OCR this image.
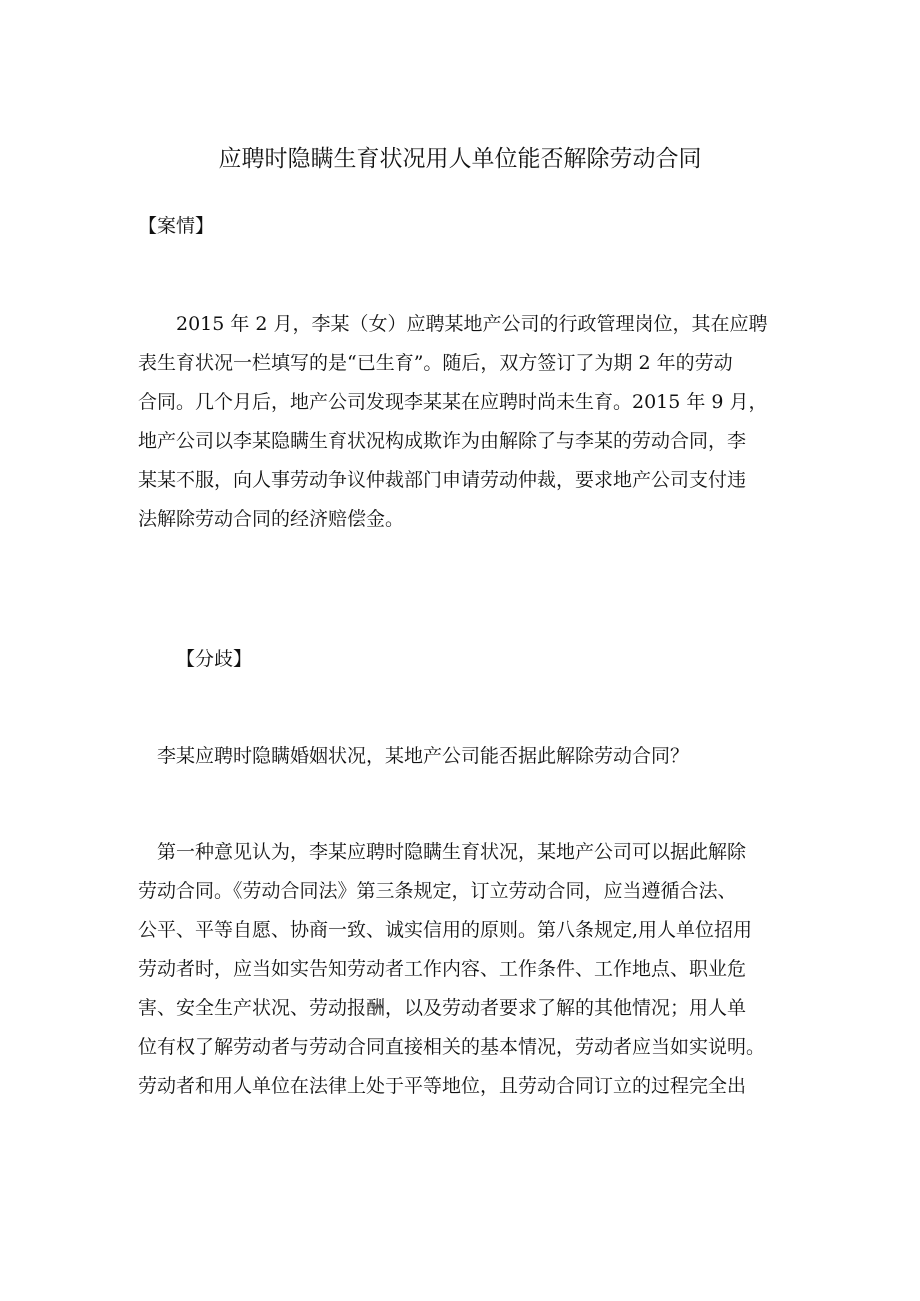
应聘时隐瞒生育状况用人单位能否解除劳动合同

【案情】

　　2015 年 2 月，李某（女）应聘某地产公司的行政管理岗位，其在应聘
表生育状况一栏填写的是“已生育”。随后，双方签订了为期 2 年的劳动
合同。几个月后，地产公司发现李某某在应聘时尚未生育。2015 年 9 月，
地产公司以李某隐瞒生育状况构成欺诈为由解除了与李某的劳动合同，李
某某不服，向人事劳动争议仲裁部门申请劳动仲裁，要求地产公司支付违
法解除劳动合同的经济赔偿金。

【分歧】

李某应聘时隐瞒婚姻状况，某地产公司能否据此解除劳动合同？

第一种意见认为，李某应聘时隐瞒生育状况，某地产公司可以据此解除
劳动合同。《劳动合同法》第三条规定，订立劳动合同，应当遵循合法、
公平、平等自愿、协商一致、诚实信用的原则。第八条规定,用人单位招用
劳动者时，应当如实告知劳动者工作内容、工作条件、工作地点、职业危
害、安全生产状况、劳动报酬，以及劳动者要求了解的其他情况；用人单
位有权了解劳动者与劳动合同直接相关的基本情况，劳动者应当如实说明。
劳动者和用人单位在法律上处于平等地位，且劳动合同订立的过程完全出
